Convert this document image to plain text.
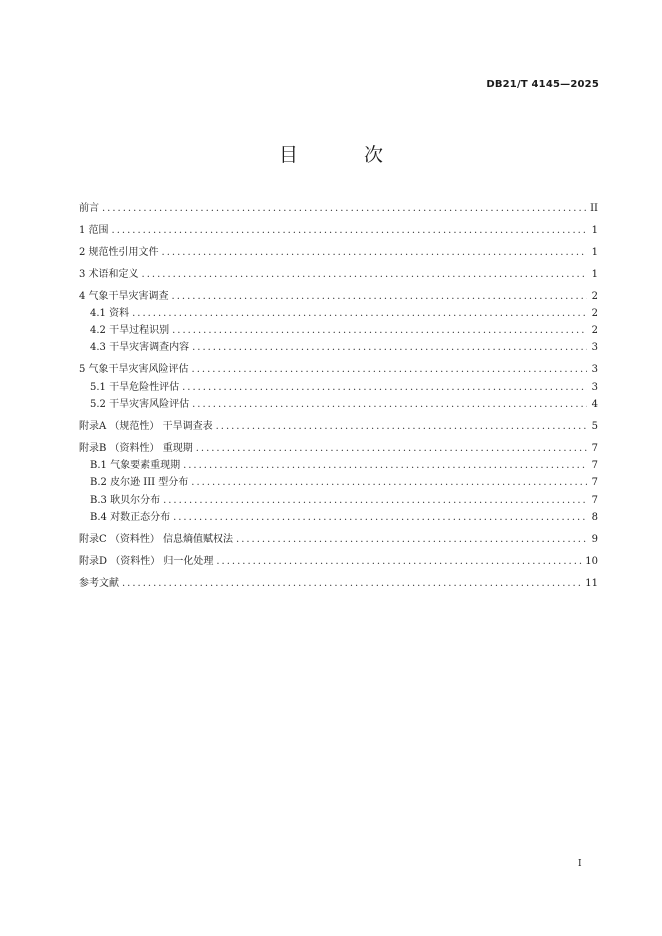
DB21/T 4145—2025
目 次
前言 .....	II
1 范围 .....	1
2 规范性引用文件 .....	1
3 术语和定义 .....	1
4 气象干旱灾害调查 .....	2
4.1 资料 .....	2
4.2 干旱过程识别 .....	2
4.3 干旱灾害调查内容 .....	3
5 气象干旱灾害风险评估 .....	3
5.1 干旱危险性评估 .....	3
5.2 干旱灾害风险评估 .....	4
附录A （规范性） 干旱调查表 .....	5
附录B （资料性） 重现期 .....	7
B.1 气象要素重现期 .....	7
B.2 皮尔逊 III 型分布 .....	7
B.3 耿贝尔分布 .....	7
B.4 对数正态分布 .....	8
附录C （资料性） 信息熵值赋权法 .....	9
附录D （资料性） 归一化处理 .....	10
参考文献 .....	11
I
